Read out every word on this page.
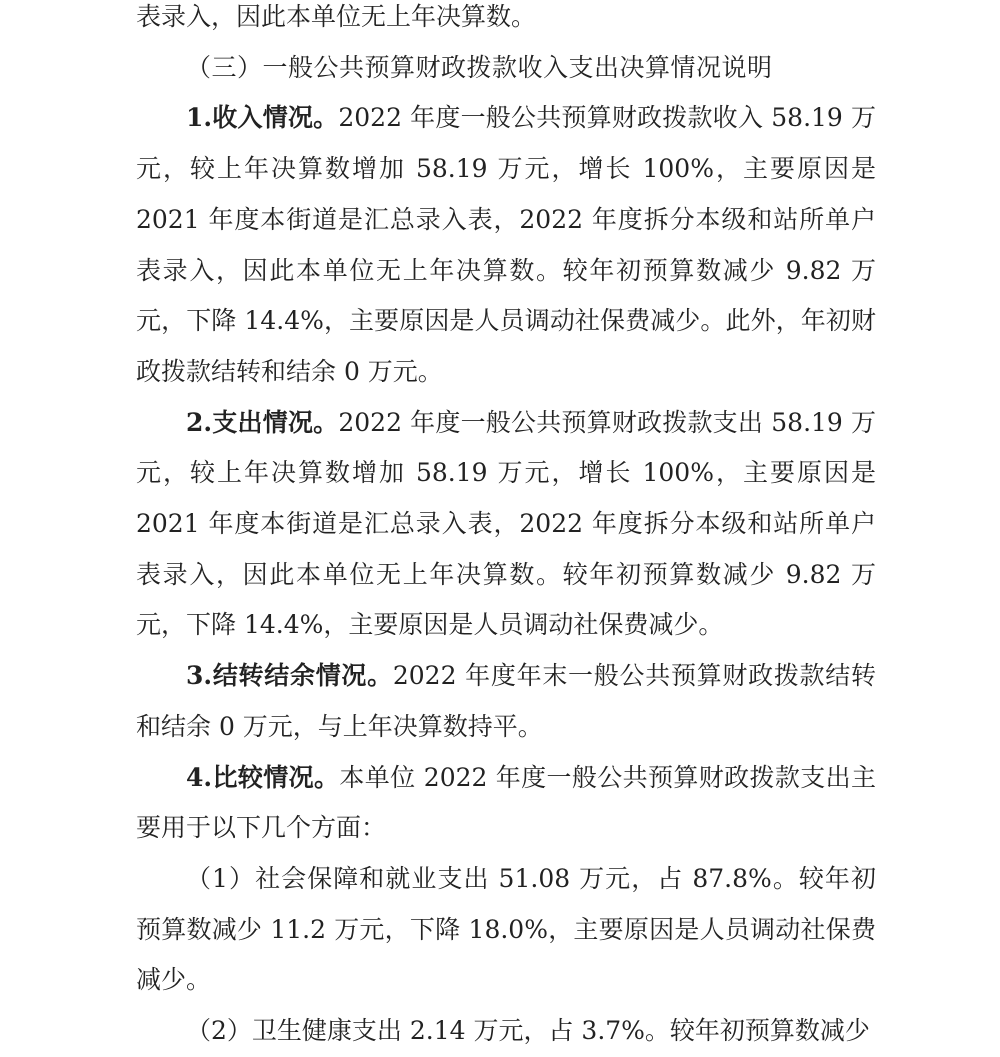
表录入，因此本单位无上年决算数。

（三）一般公共预算财政拨款收入支出决算情况说明

1.收入情况。2022 年度一般公共预算财政拨款收入 58.19 万元，较上年决算数增加 58.19 万元，增长 100%，主要原因是 2021 年度本街道是汇总录入表，2022 年度拆分本级和站所单户表录入，因此本单位无上年决算数。较年初预算数减少 9.82 万元，下降 14.4%，主要原因是人员调动社保费减少。此外，年初财政拨款结转和结余 0 万元。

2.支出情况。2022 年度一般公共预算财政拨款支出 58.19 万元，较上年决算数增加 58.19 万元，增长 100%，主要原因是 2021 年度本街道是汇总录入表，2022 年度拆分本级和站所单户表录入，因此本单位无上年决算数。较年初预算数减少 9.82 万元，下降 14.4%，主要原因是人员调动社保费减少。

3.结转结余情况。2022 年度年末一般公共预算财政拨款结转和结余 0 万元，与上年决算数持平。

4.比较情况。本单位 2022 年度一般公共预算财政拨款支出主要用于以下几个方面：

（1）社会保障和就业支出 51.08 万元，占 87.8%。较年初预算数减少 11.2 万元，下降 18.0%，主要原因是人员调动社保费减少。

（2）卫生健康支出 2.14 万元，占 3.7%。较年初预算数减少
